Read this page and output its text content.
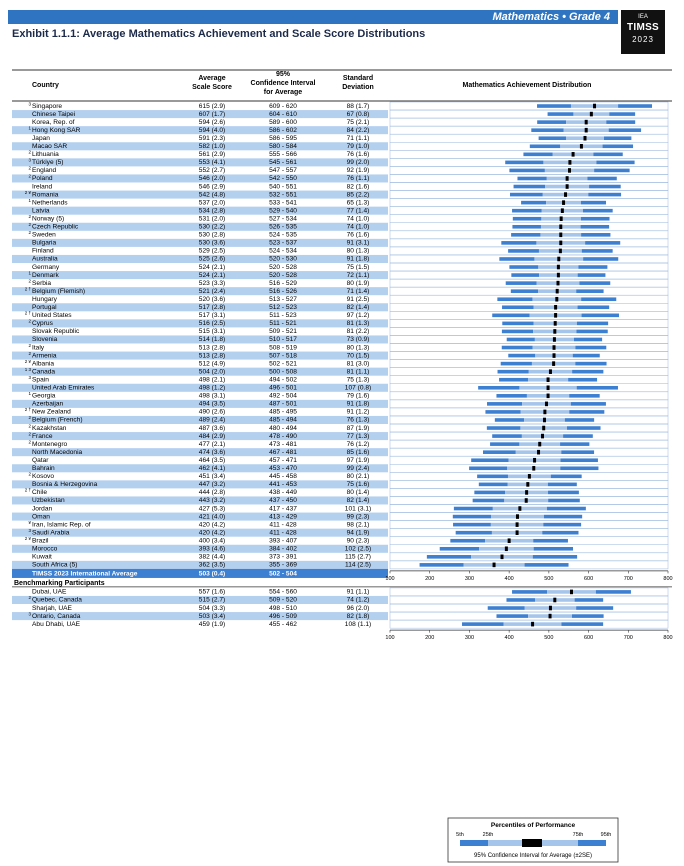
Mathematics • Grade 4	IEA
TIMSS
2023
Exhibit 1.1.1: Average Mathematics Achievement and Scale Score Distributions
Country
Average
Scale Score
95%
Confidence Interval
for Average
Standard
Deviation	Mathematics Achievement Distribution
3 Singapore	615 (2.9)	609 - 620	88 (1.7)
Chinese Taipei	607 (1.7)	604 - 610	67 (0.8)
Korea, Rep. of	594 (2.6)	589 - 600	75 (2.1)
1 Hong Kong SAR	594 (4.0)	586 - 602	84 (2.2)
Japan	591 (2.3)	586 - 595	71 (1.1)
Macao SAR	582 (1.0)	580 - 584	79 (1.0)
2 Lithuania	561 (2.9)	555 - 566	76 (1.6)
3 Türkiye (5)	553 (4.1)	545 - 561	99 (2.0)
2 England	552 (2.7)	547 - 557	92 (1.9)
2 Poland	546 (2.0)	542 - 550	76 (1.1)
Ireland	546 (2.9)	540 - 551	82 (1.6)
2 ¥ Romania	542 (4.8)	532 - 551	85 (2.2)
1 Netherlands	537 (2.0)	533 - 541	65 (1.3)
Latvia	534 (2.8)	529 - 540	77 (1.4)
2 Norway (5)	531 (2.0)	527 - 534	74 (1.0)
2 Czech Republic	530 (2.2)	526 - 535	74 (1.0)
2 Sweden	530 (2.8)	524 - 535	76 (1.6)
Bulgaria	530 (3.6)	523 - 537	91 (3.1)
Finland	529 (2.5)	524 - 534	80 (1.3)
Australia	525 (2.6)	520 - 530	91 (1.8)
Germany	524 (2.1)	520 - 528	75 (1.5)
1 Denmark	524 (2.1)	520 - 528	72 (1.1)
2 Serbia	523 (3.3)	516 - 529	80 (1.9)
2 † Belgium (Flemish)	521 (2.4)	516 - 526	71 (1.4)
Hungary	520 (3.6)	513 - 527	91 (2.5)
Portugal	517 (2.8)	512 - 523	82 (1.4)
2 † United States	517 (3.1)	511 - 523	97 (1.2)
2 Cyprus	516 (2.5)	511 - 521	81 (1.3)
Slovak Republic	515 (3.1)	509 - 521	81 (2.2)
Slovenia	514 (1.8)	510 - 517	73 (0.9)
2 Italy	513 (2.8)	508 - 519	80 (1.3)
2 Armenia	513 (2.8)	507 - 518	70 (1.5)
2 ¥ Albania	512 (4.9)	502 - 521	81 (3.0)
1 3 Canada	504 (2.0)	500 - 508	81 (1.1)
3 Spain	498 (2.1)	494 - 502	75 (1.3)
United Arab Emirates	498 (1.2)	496 - 501	107 (0.8)
1 Georgia	498 (3.1)	492 - 504	79 (1.6)
Azerbaijan	494 (3.5)	487 - 501	91 (1.8)
2 † New Zealand	490 (2.6)	485 - 495	91 (1.2)
2 Belgium (French)	489 (2.4)	485 - 494	76 (1.3)
2 Kazakhstan	487 (3.6)	480 - 494	87 (1.9)
2 France	484 (2.9)	478 - 490	77 (1.3)
2 Montenegro	477 (2.1)	473 - 481	76 (1.2)
North Macedonia	474 (3.6)	467 - 481	85 (1.6)
Qatar	464 (3.5)	457 - 471	97 (1.9)
Bahrain	462 (4.1)	453 - 470	99 (2.4)
2 Kosovo	451 (3.4)	445 - 458	80 (2.1)
Bosnia & Herzegovina	447 (3.2)	441 - 453	75 (1.6)
2 † Chile	444 (2.8)	438 - 449	80 (1.4)
Uzbekistan	443 (3.2)	437 - 450	82 (1.4)
Jordan	427 (5.3)	417 - 437	101 (3.1)
Oman	421 (4.0)	413 - 429	99 (2.3)
¥ Iran, Islamic Rep. of	420 (4.2)	411 - 428	98 (2.1)
3 Saudi Arabia	420 (4.2)	411 - 428	94 (1.9)
2 ¥ Brazil	400 (3.4)	393 - 407	90 (2.3)
Morocco	393 (4.6)	384 - 402	102 (2.5)
Kuwait	382 (4.4)	373 - 391	115 (2.7)
South Africa (5)	362 (3.5)	355 - 369	114 (2.5)
TIMSS 2023 International Average	503 (0.4)	502 - 504
100	200	300	400	500	600	700	800
Benchmarking Participants
Dubai, UAE	557 (1.6)	554 - 560	91 (1.1)
2 Quebec, Canada	515 (2.7)	509 - 520	74 (1.2)
Sharjah, UAE	504 (3.3)	498 - 510	96 (2.0)
3 Ontario, Canada	503 (3.4)	496 - 509	82 (1.8)
Abu Dhabi, UAE	459 (1.9)	455 - 462	108 (1.1)
100	200	300	400	500	600	700	800
Percentiles of Performance
5th	25th	75th	95th
95% Confidence Interval for Average (±2SE)
